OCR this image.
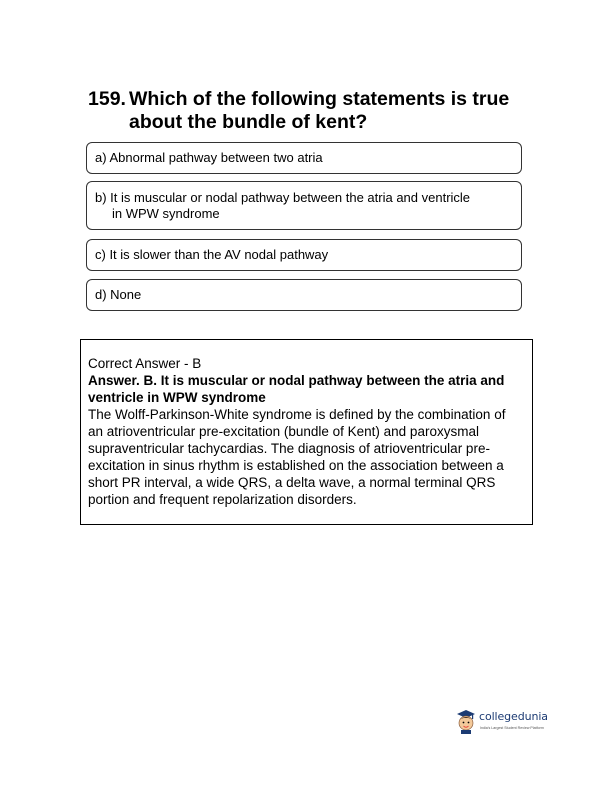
159. Which of the following statements is true about the bundle of kent?
a) Abnormal pathway between two atria
b) It is muscular or nodal pathway between the atria and ventricle
in WPW syndrome
c) It is slower than the AV nodal pathway
d) None
Correct Answer - B
Answer. B. It is muscular or nodal pathway between the atria and ventricle in WPW syndrome
The Wolff-Parkinson-White syndrome is defined by the combination of an atrioventricular pre-excitation (bundle of Kent) and paroxysmal supraventricular tachycardias. The diagnosis of atrioventricular pre-excitation in sinus rhythm is established on the association between a short PR interval, a wide QRS, a delta wave, a normal terminal QRS portion and frequent repolarization disorders.
collegedunia
India's Largest Student Review Platform
